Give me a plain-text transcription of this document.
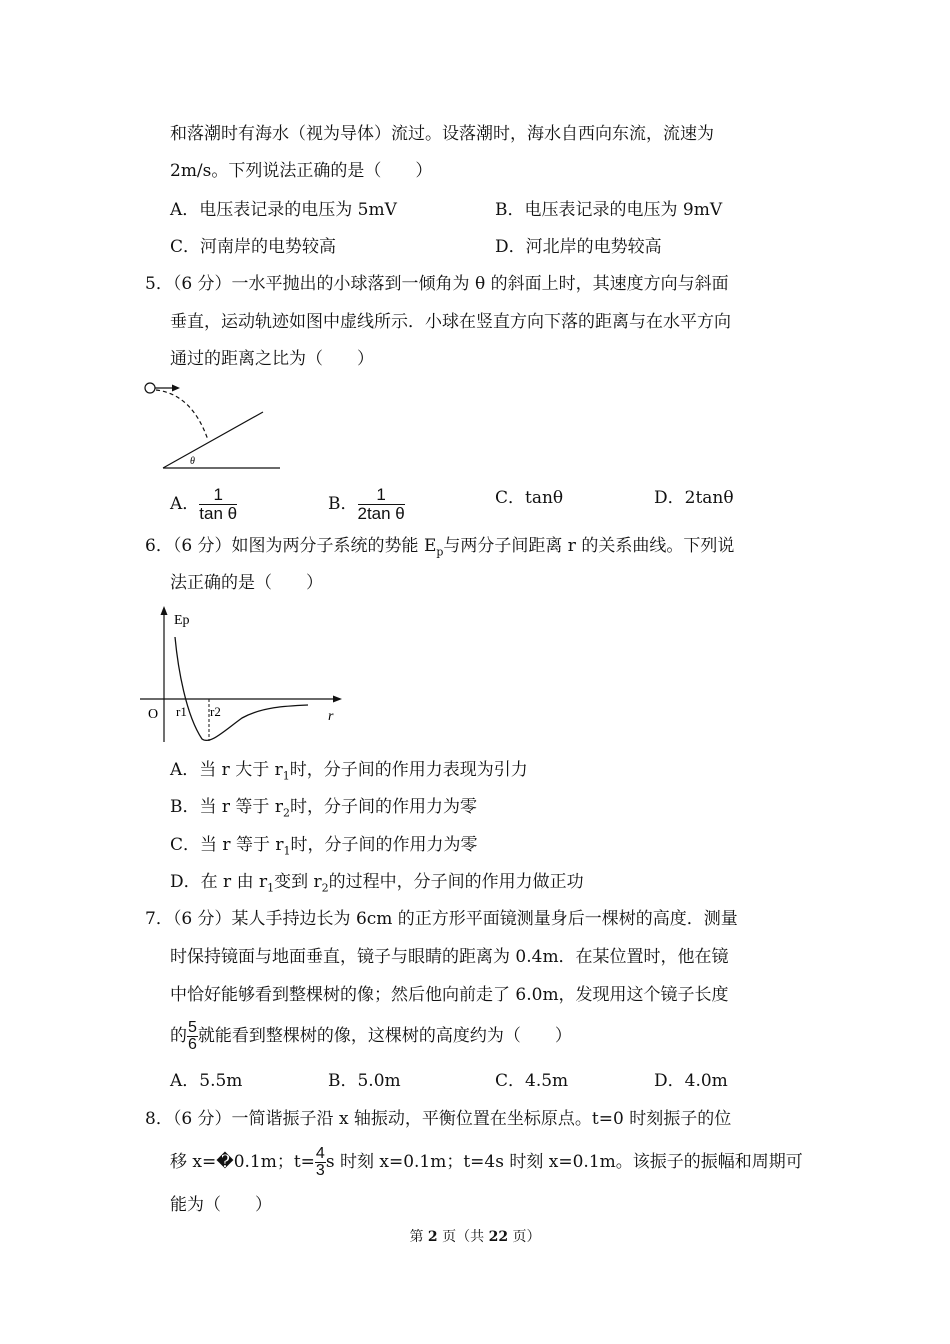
和落潮时有海水（视为导体）流过。设落潮时，海水自西向东流，流速为
2m/s。下列说法正确的是（　　）
A．电压表记录的电压为 5mV	B．电压表记录的电压为 9mV
C．河南岸的电势较高	D．河北岸的电势较高
5．（6 分）一水平抛出的小球落到一倾角为 θ 的斜面上时，其速度方向与斜面
垂直，运动轨迹如图中虚线所示．小球在竖直方向下落的距离与在水平方向
通过的距离之比为（　　）
θ
A． $\frac{1}{\text{tan θ}}$	B． $\frac{1}{\text{2tan θ}}$	C．tanθ	D．2tanθ
6．（6 分）如图为两分子系统的势能 $E_p$与两分子间距离 r 的关系曲线。下列说
法正确的是（　　）
Ep
O r1 r2	r
A．当 r 大于 $r_1$时，分子间的作用力表现为引力
B．当 r 等于 $r_2$时，分子间的作用力为零
C．当 r 等于 $r_1$时，分子间的作用力为零
D．在 r 由 $r_1$变到 $r_2$的过程中，分子间的作用力做正功
7．（6 分）某人手持边长为 6cm 的正方形平面镜测量身后一棵树的高度．测量
时保持镜面与地面垂直，镜子与眼睛的距离为 0.4m．在某位置时，他在镜
中恰好能够看到整棵树的像；然后他向前走了 6.0m，发现用这个镜子长度
的 $\frac{5}{6}$ 就能看到整棵树的像，这棵树的高度约为（　　）
A．5.5m	B．5.0m	C．4.5m	D．4.0m
8．（6 分）一简谐振子沿 x 轴振动，平衡位置在坐标原点。t=0 时刻振子的位
移 x=�0.1m；$t= \frac{4}{3}$ s 时刻 x=0.1m；t=4s 时刻 x=0.1m。该振子的振幅和周期可
能为（　　）
第 2 页（共 22 页）
